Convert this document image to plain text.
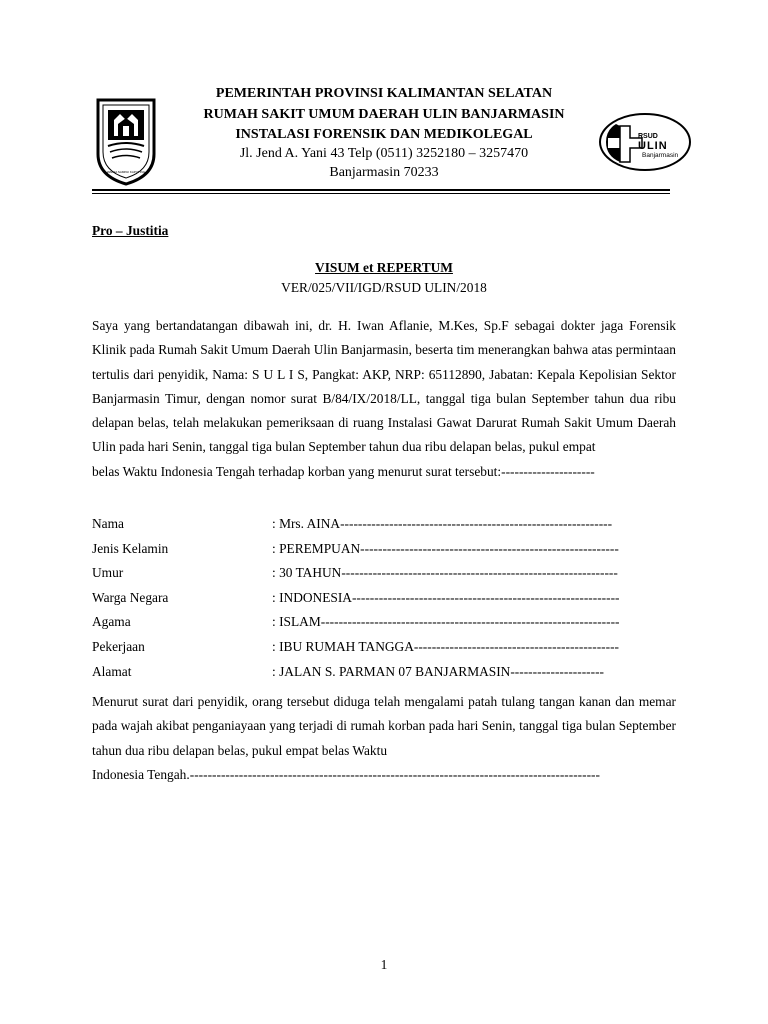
WADJA SAMPAI KAPUTING
PEMERINTAH PROVINSI KALIMANTAN SELATAN
RUMAH SAKIT UMUM DAERAH ULIN BANJARMASIN
INSTALASI FORENSIK DAN MEDIKOLEGAL
Jl. Jend A. Yani 43 Telp (0511) 3252180 – 3257470
Banjarmasin 70233
RSUD
ULIN
Banjarmasin
Pro – Justitia
VISUM et REPERTUM
VER/025/VII/IGD/RSUD ULIN/2018
Saya yang bertandatangan dibawah ini, dr. H. Iwan Aflanie, M.Kes, Sp.F sebagai dokter jaga Forensik Klinik pada Rumah Sakit Umum Daerah Ulin Banjarmasin, beserta tim menerangkan bahwa atas permintaan tertulis dari penyidik, Nama: S U L I S, Pangkat: AKP, NRP: 65112890, Jabatan: Kepala Kepolisian Sektor Banjarmasin Timur, dengan nomor surat B/84/IX/2018/LL, tanggal tiga bulan September tahun dua ribu delapan belas, telah melakukan pemeriksaan di ruang Instalasi Gawat Darurat Rumah Sakit Umum Daerah Ulin pada hari Senin, tanggal tiga bulan September tahun dua ribu delapan belas, pukul empat
belas Waktu Indonesia Tengah terhadap korban yang menurut surat tersebut:---------------------
Nama	: Mrs. AINA-------------------------------------------------------------
Jenis Kelamin	: PEREMPUAN----------------------------------------------------------
Umur	: 30 TAHUN--------------------------------------------------------------
Warga Negara	: INDONESIA------------------------------------------------------------
Agama	: ISLAM-------------------------------------------------------------------
Pekerjaan	: IBU RUMAH TANGGA----------------------------------------------
Alamat	: JALAN S. PARMAN 07 BANJARMASIN---------------------
Menurut surat dari penyidik, orang tersebut diduga telah mengalami patah tulang tangan kanan dan memar pada wajah akibat penganiayaan yang terjadi di rumah korban pada hari Senin, tanggal tiga bulan September tahun dua ribu delapan belas, pukul empat belas Waktu
Indonesia Tengah.--------------------------------------------------------------------------------------------
1
